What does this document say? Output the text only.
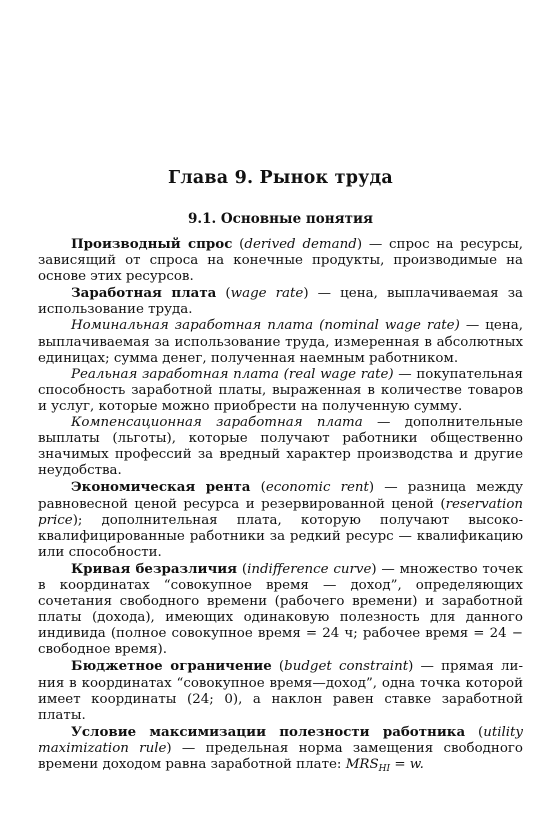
Глава 9. Рынок труда
9.1. Основные понятия

Производный спрос (derived demand) — спрос на ресурсы, зависящий от спроса на конечные продукты, производимые на основе этих ресурсов.

Заработная плата (wage rate) — цена, выплачиваемая за использование труда.

Номинальная заработная плата (nominal wage rate) — цена, выплачиваемая за использование труда, измеренная в абсолютных единицах; сумма денег, полученная наемным работником.

Реальная заработная плата (real wage rate) — покупательная способность заработной платы, выраженная в количестве товаров и услуг, которые можно приобрести на полученную сумму.

Компенсационная заработная плата — дополнительные выплаты (льготы), которые получают работники общественно значимых профессий за вредный характер производства и другие неудобства.

Экономическая рента (economic rent) — разница между равновесной ценой ресурса и резервированной ценой (reservation price); дополнительная плата, которую получают высококвалифицированные работники за редкий ресурс — квалификацию или способности.

Кривая безразличия (indifference curve) — множество точек в координатах “совокупное время — доход”, определяющих сочетания свободного времени (рабочего времени) и заработной платы (дохода), имеющих одинаковую полезность для данного индивида (полное совокупное время = 24 ч; рабочее время = 24 − свободное время).

Бюджетное ограничение (budget constraint) — прямая линия в координатах “совокупное время—доход”, одна точка которой имеет координаты (24; 0), а наклон равен ставке заработной платы.

Условие максимизации полезности работника (utility maximization rule) — предельная норма замещения свободного времени доходом равна заработной плате: $MRS_{HI} = w$.
